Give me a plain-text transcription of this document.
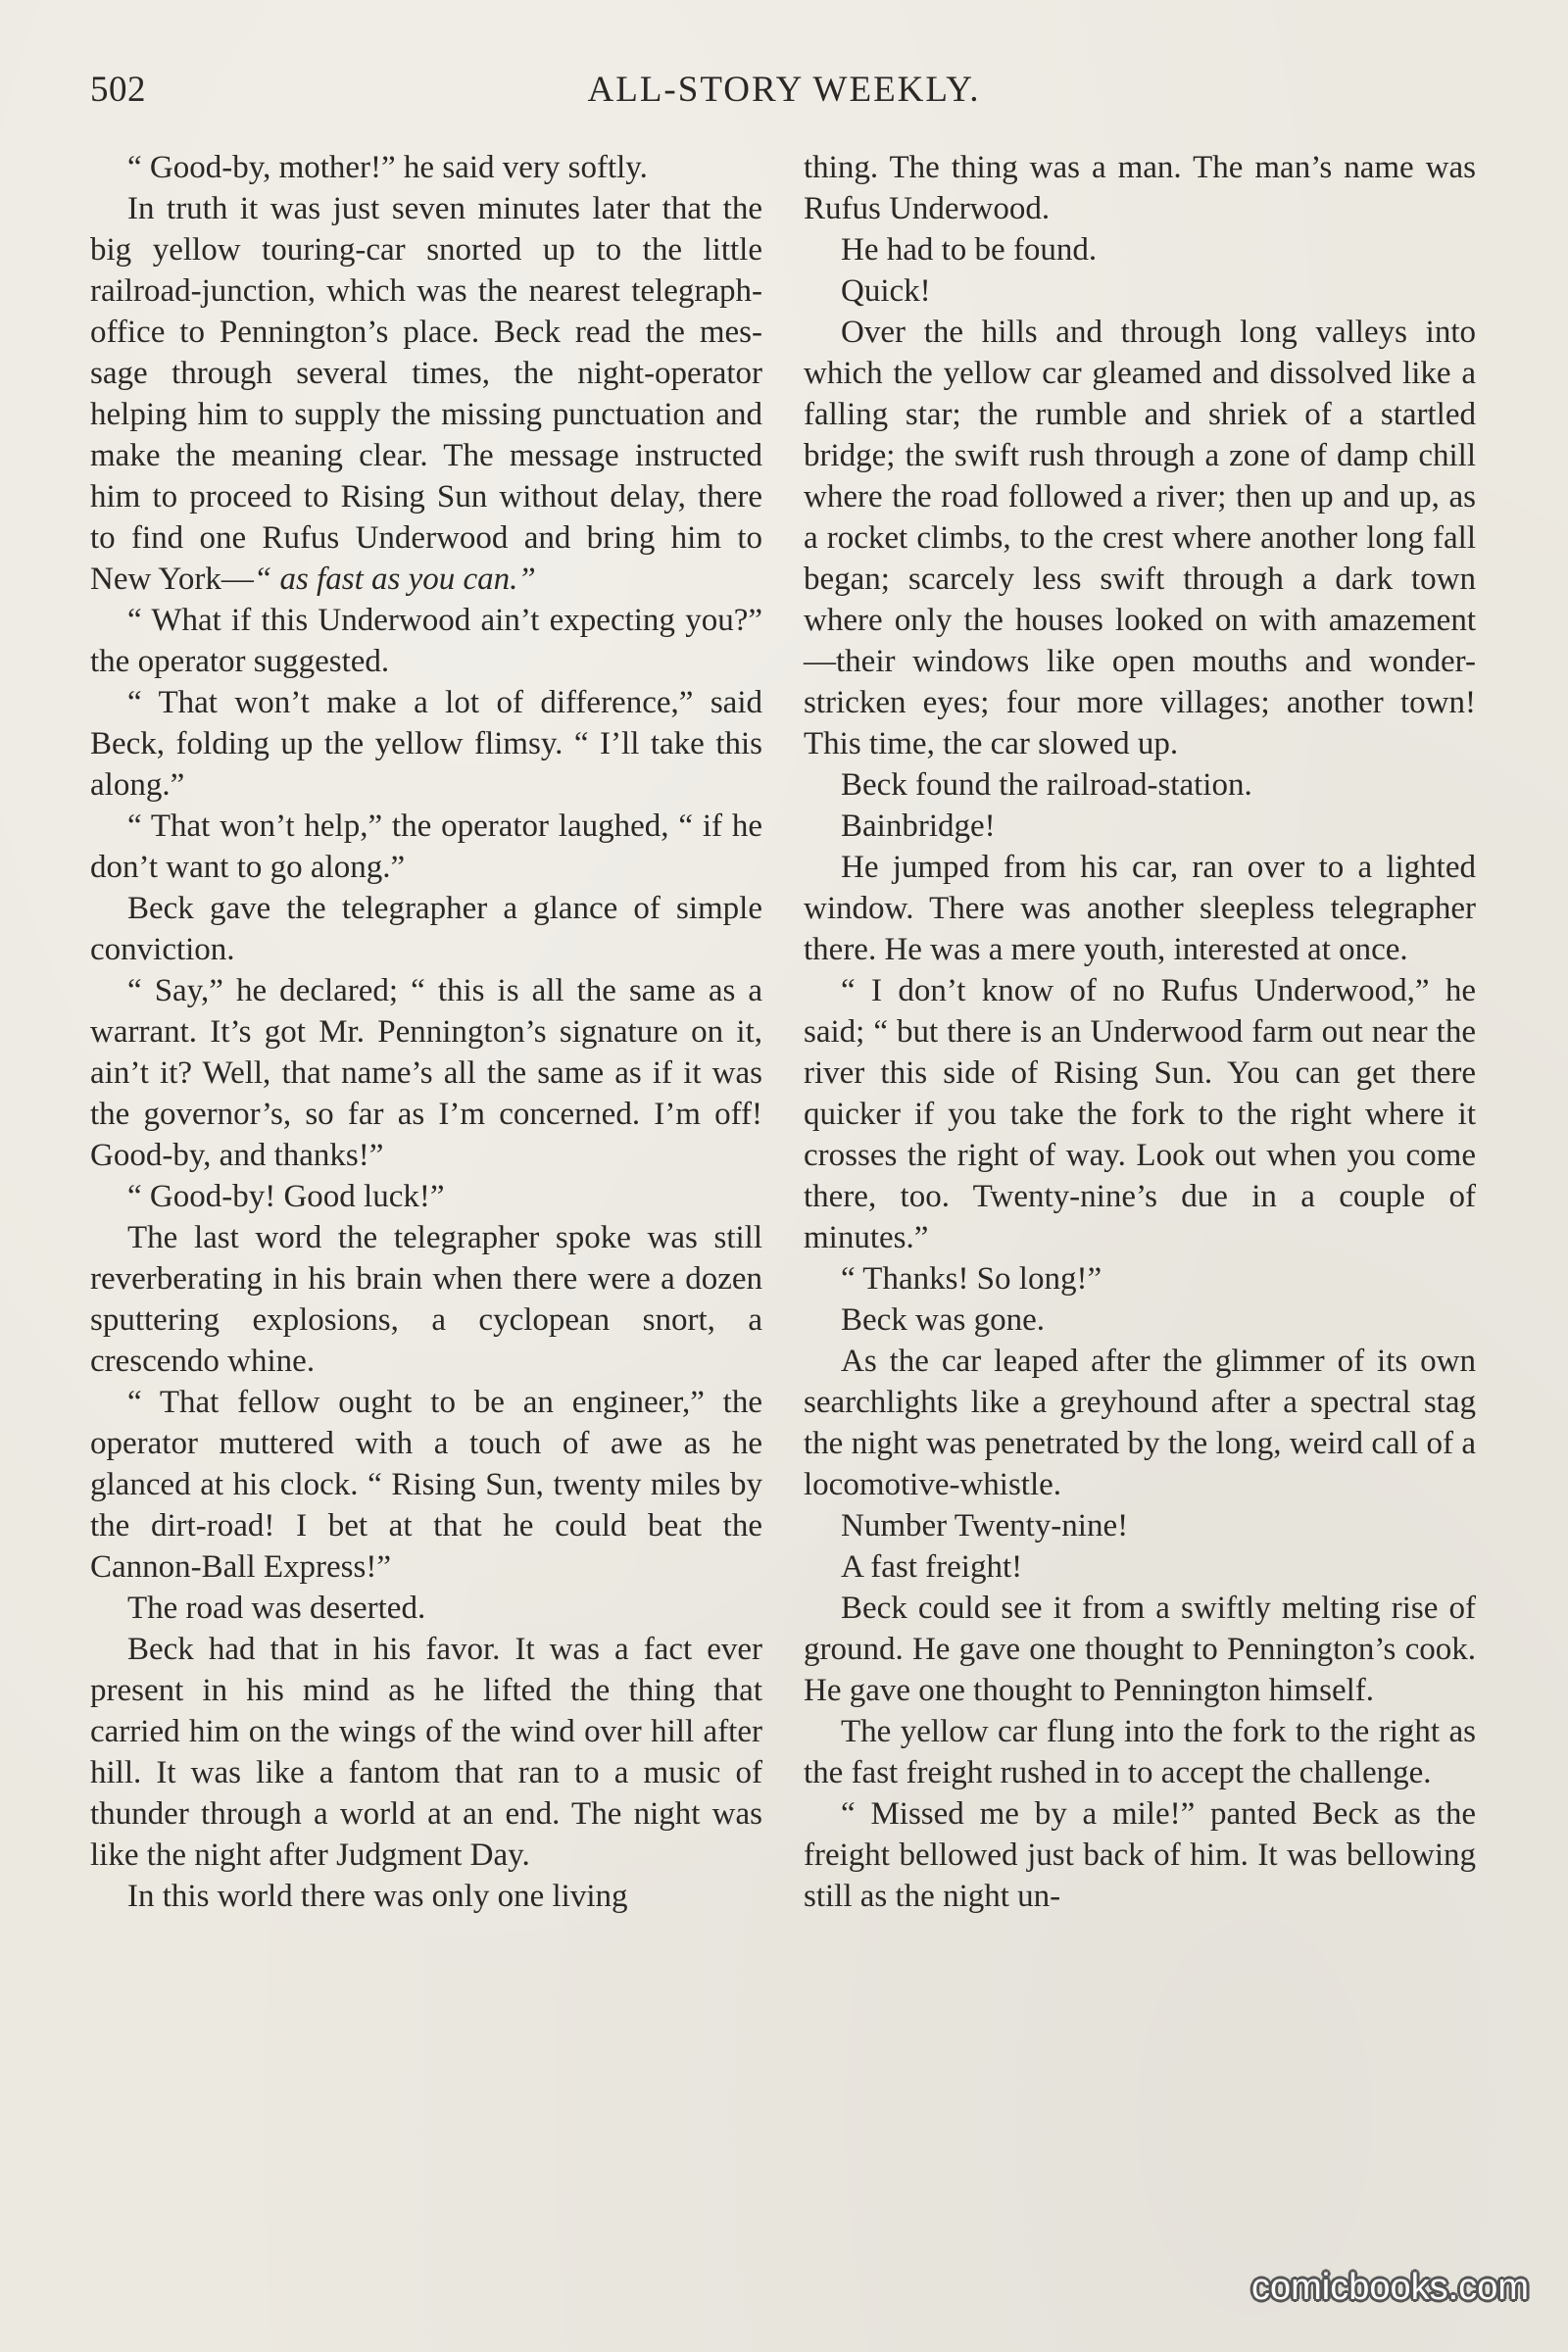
502	ALL-STORY WEEKLY.

“ Good-by, mother!” he said very softly.

In truth it was just seven minutes later that the big yellow touring-car snorted up to the little railroad-junction, which was the nearest telegraph-office to Pennington’s place. Beck read the message through several times, the night-operator helping him to supply the missing punctuation and make the meaning clear. The message instructed him to proceed to Rising Sun without delay, there to find one Rufus Underwood and bring him to New York—“ as fast as you can.”

“ What if this Underwood ain’t expecting you?” the operator suggested.

“ That won’t make a lot of difference,” said Beck, folding up the yellow flimsy. “ I’ll take this along.”

“ That won’t help,” the operator laughed, “ if he don’t want to go along.”

Beck gave the telegrapher a glance of simple conviction.

“ Say,” he declared; “ this is all the same as a warrant. It’s got Mr. Pennington’s signature on it, ain’t it? Well, that name’s all the same as if it was the governor’s, so far as I’m concerned. I’m off! Good-by, and thanks!”

“ Good-by! Good luck!”

The last word the telegrapher spoke was still reverberating in his brain when there were a dozen sputtering explosions, a cyclopean snort, a crescendo whine.

“ That fellow ought to be an engineer,” the operator muttered with a touch of awe as he glanced at his clock. “ Rising Sun, twenty miles by the dirt-road! I bet at that he could beat the Cannon-Ball Express!”

The road was deserted.

Beck had that in his favor. It was a fact ever present in his mind as he lifted the thing that carried him on the wings of the wind over hill after hill. It was like a fantom that ran to a music of thunder through a world at an end. The night was like the night after Judgment Day.

In this world there was only one living

thing. The thing was a man. The man’s name was Rufus Underwood.

He had to be found.

Quick!

Over the hills and through long valleys into which the yellow car gleamed and dissolved like a falling star; the rumble and shriek of a startled bridge; the swift rush through a zone of damp chill where the road followed a river; then up and up, as a rocket climbs, to the crest where another long fall began; scarcely less swift through a dark town where only the houses looked on with amazement—their windows like open mouths and wonder-stricken eyes; four more villages; another town! This time, the car slowed up.

Beck found the railroad-station.

Bainbridge!

He jumped from his car, ran over to a lighted window. There was another sleepless telegrapher there. He was a mere youth, interested at once.

“ I don’t know of no Rufus Underwood,” he said; “ but there is an Underwood farm out near the river this side of Rising Sun. You can get there quicker if you take the fork to the right where it crosses the right of way. Look out when you come there, too. Twenty-nine’s due in a couple of minutes.”

“ Thanks! So long!”

Beck was gone.

As the car leaped after the glimmer of its own searchlights like a greyhound after a spectral stag the night was penetrated by the long, weird call of a locomotive-whistle.

Number Twenty-nine!

A fast freight!

Beck could see it from a swiftly melting rise of ground. He gave one thought to Pennington’s cook. He gave one thought to Pennington himself.

The yellow car flung into the fork to the right as the fast freight rushed in to accept the challenge.

“ Missed me by a mile!” panted Beck as the freight bellowed just back of him. It was bellowing still as the night un-

comicbooks.com
